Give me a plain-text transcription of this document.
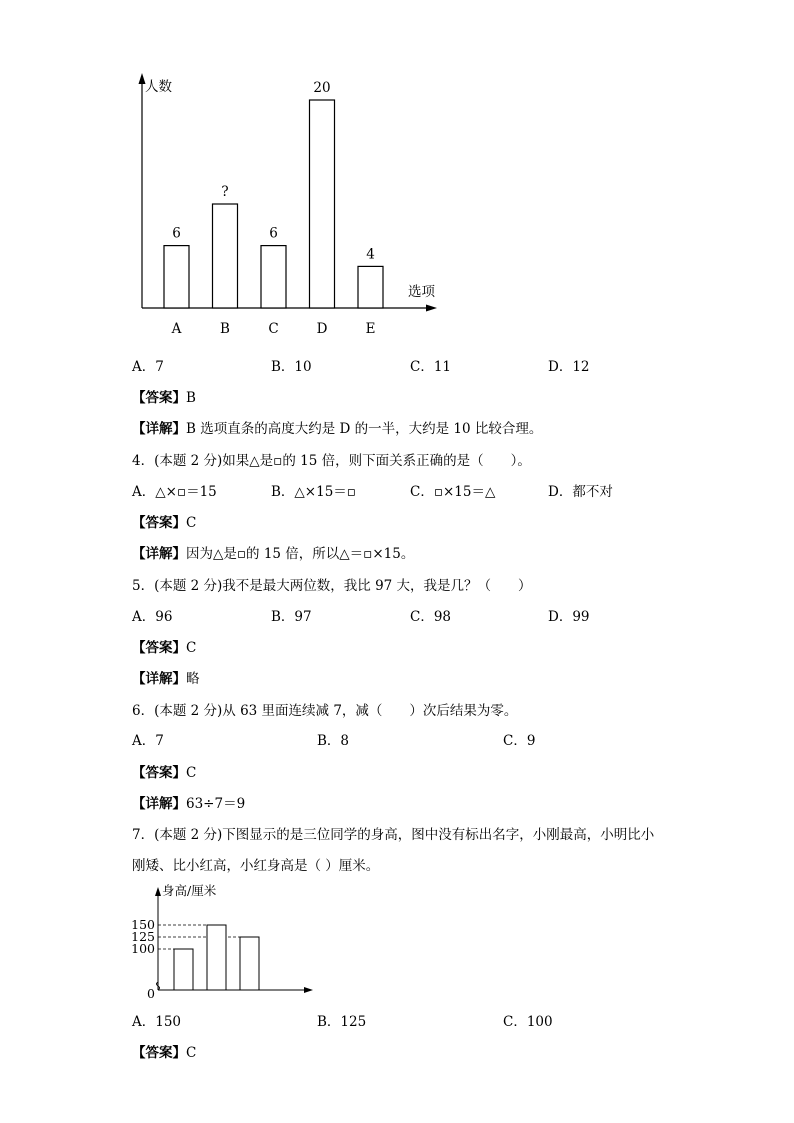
人数
选项
6
A
?
B
6
C
20
D
4
E
A．7	B．10	C．11	D．12
【答案】B
【详解】B 选项直条的高度大约是 D 的一半，大约是 10 比较合理。
4．(本题 2 分)如果△是▫的 15 倍，则下面关系正确的是（　　）。
A．△×▫＝15	B．△×15＝▫	C．▫×15＝△	D．都不对
【答案】C
【详解】因为△是▫的 15 倍，所以△＝▫×15。
5．(本题 2 分)我不是最大两位数，我比 97 大，我是几？（　　）
A．96	B．97	C．98	D．99
【答案】C
【详解】略
6．(本题 2 分)从 63 里面连续减 7，减（　　）次后结果为零。
A．7	B．8	C．9
【答案】C
【详解】63÷7＝9
7．(本题 2 分)下图显示的是三位同学的身高，图中没有标出名字，小刚最高，小明比小
刚矮、比小红高，小红身高是（ ）厘米。
身高/厘米
0
100
125
150
A．150	B．125	C．100
【答案】C
